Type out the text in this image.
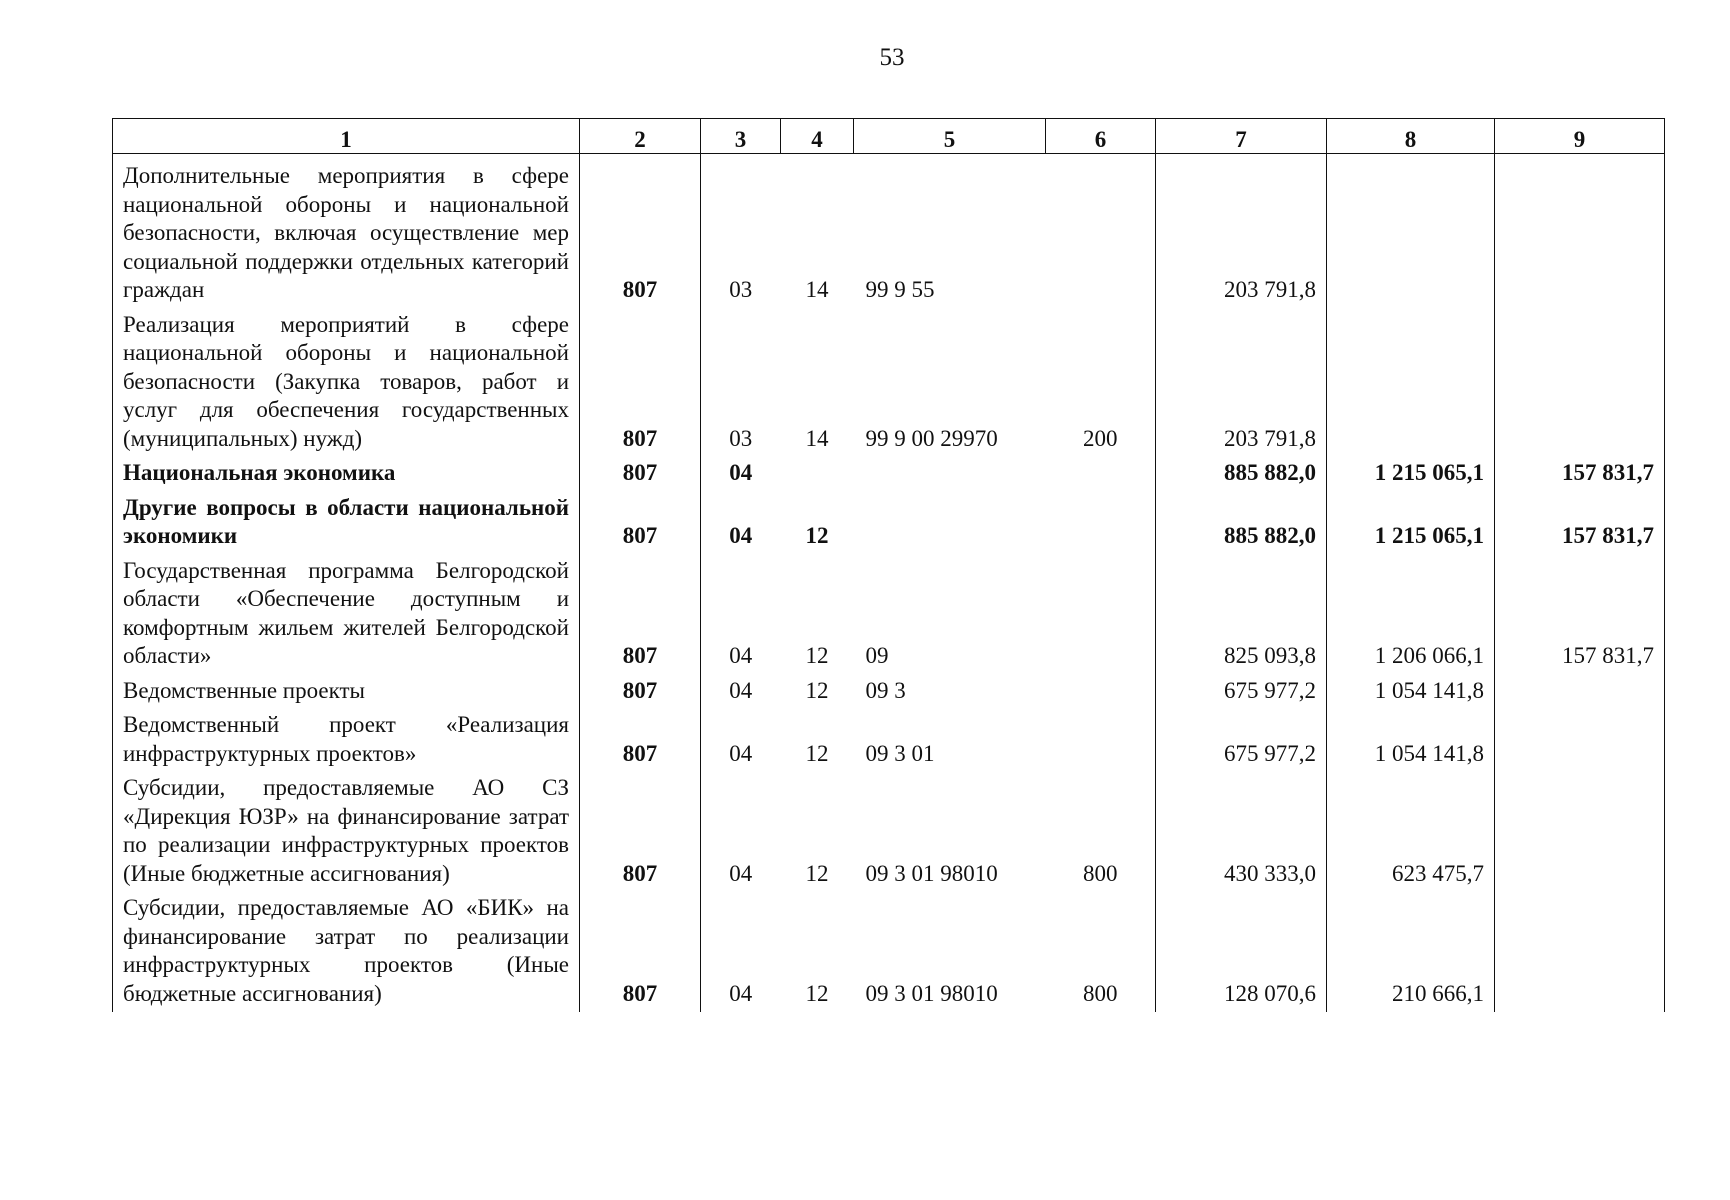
53
1	2	3	4	5	6	7	8	9
Дополнительные мероприятия в сфере национальной обороны и национальной безопасности, включая осуществление мер социальной поддержки отдельных категорий граждан	807	03	14	99 9 55		203 791,8		
Реализация мероприятий в сфере национальной обороны и национальной безопасности (Закупка товаров, работ и услуг для обеспечения государственных (муниципальных) нужд)	807	03	14	99 9 00 29970	200	203 791,8		
Национальная экономика	807	04				885 882,0	1 215 065,1	157 831,7
Другие вопросы в области национальной экономики	807	04	12			885 882,0	1 215 065,1	157 831,7
Государственная программа Белгородской области «Обеспечение доступным и комфортным жильем жителей Белгородской области»	807	04	12	09		825 093,8	1 206 066,1	157 831,7
Ведомственные проекты	807	04	12	09 3		675 977,2	1 054 141,8	
Ведомственный проект «Реализация инфраструктурных проектов»	807	04	12	09 3 01		675 977,2	1 054 141,8	
Субсидии, предоставляемые АО СЗ «Дирекция ЮЗР» на финансирование затрат по реализации инфраструктурных проектов (Иные бюджетные ассигнования)	807	04	12	09 3 01 98010	800	430 333,0	623 475,7	
Субсидии, предоставляемые АО «БИК» на финансирование затрат по реализации инфраструктурных проектов (Иные бюджетные ассигнования)	807	04	12	09 3 01 98010	800	128 070,6	210 666,1	
